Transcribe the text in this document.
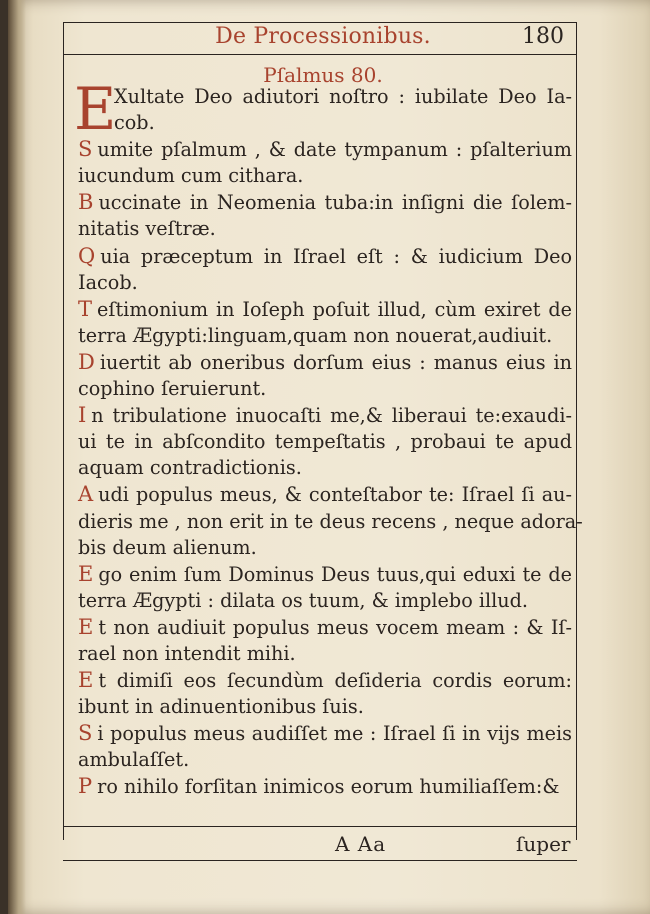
De Processionibus.	180
Pſalmus 80.
E
Xultate Deo adiutori noſtro : iubilate Deo Ia-
cob.
S umite pſalmum , & date tympanum : pſalterium
iucundum cum cithara.
B uccinate in Neomenia tuba:in inſigni die ſolem-
nitatis veſtræ.
Q uia præceptum in Iſrael eſt : & iudicium Deo
Iacob.
T eſtimonium in Ioſeph poſuit illud, cùm exiret de
terra Ægypti:linguam,quam non nouerat,audiuit.
D iuertit ab oneribus dorſum eius : manus eius in
cophino ſeruierunt.
I n tribulatione inuocaſti me,& liberaui te:exaudi-
ui te in abſcondito tempeſtatis , probaui te apud
aquam contradictionis.
A udi populus meus, & conteſtabor te: Iſrael ſi au-
dieris me , non erit in te deus recens , neque adora-
bis deum alienum.
E go enim ſum Dominus Deus tuus,qui eduxi te de
terra Ægypti : dilata os tuum, & implebo illud.
E t non audiuit populus meus vocem meam : & Iſ-
rael non intendit mihi.
E t dimiſi eos ſecundùm deſideria cordis eorum:
ibunt in adinuentionibus ſuis.
S i populus meus audiſſet me : Iſrael ſi in vijs meis
ambulaſſet.
P ro nihilo forſitan inimicos eorum humiliaſſem:&
A Aa	ſuper
